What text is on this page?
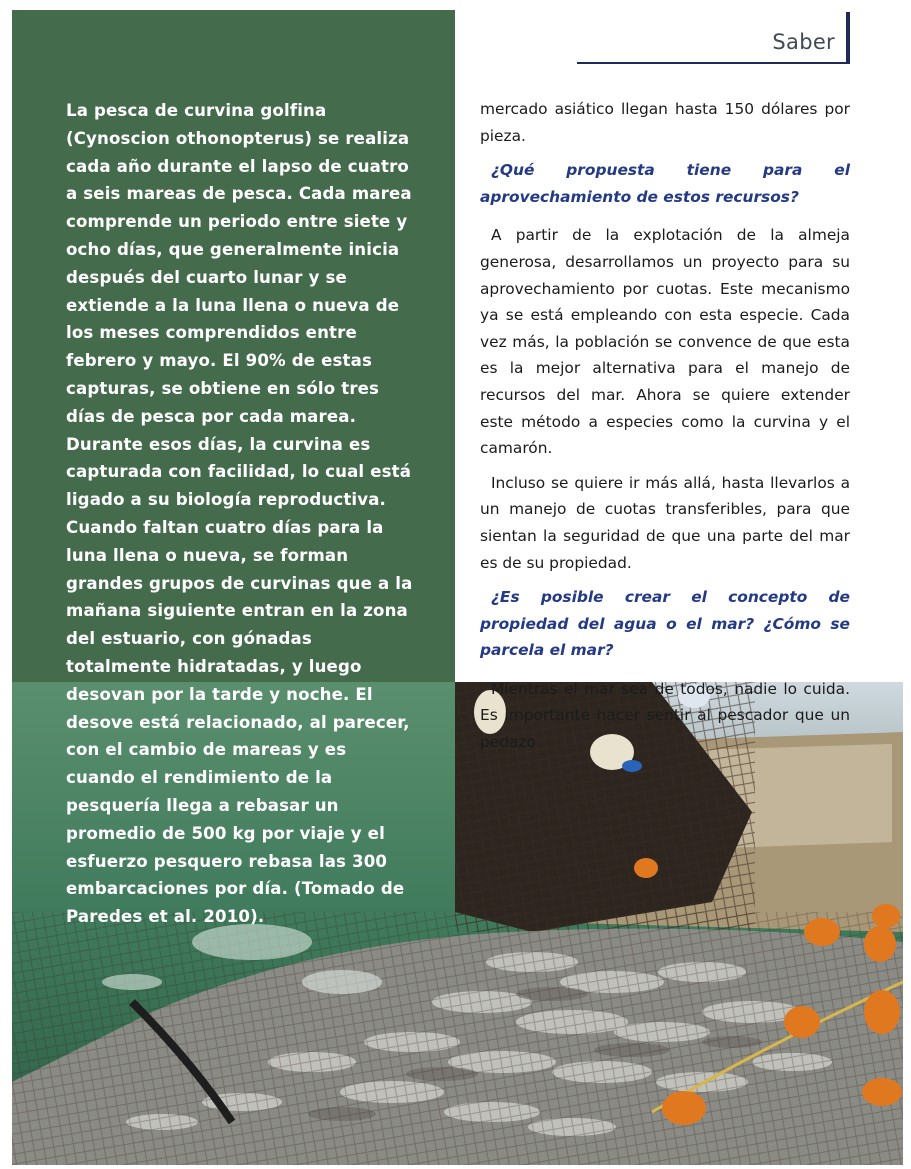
La pesca de curvina golfina (Cynoscion othonopterus) se realiza cada año durante el lapso de cuatro a seis mareas de pesca. Cada marea comprende un periodo entre siete y ocho días, que generalmente inicia después del cuarto lunar y se extiende a la luna llena o nueva de los meses comprendidos entre febrero y mayo. El 90% de estas capturas, se obtiene en sólo tres días de pesca por cada marea. Durante esos días, la curvina es capturada con facilidad, lo cual está ligado a su biología reproductiva. Cuando faltan cuatro días para la luna llena o nueva, se forman grandes grupos de curvinas que a la mañana siguiente entran en la zona del estuario, con gónadas totalmente hidratadas, y luego desovan por la tarde y noche. El desove está relacionado, al parecer, con el cambio de mareas y es cuando el rendimiento de la pesquería llega a rebasar un promedio de 500 kg por viaje y el esfuerzo pesquero rebasa las 300 embarcaciones por día. (Tomado de Paredes et al. 2010).
Saber

mercado asiático llegan hasta 150 dólares por pieza.

¿Qué propuesta tiene para el aprovechamiento de estos recursos?

A partir de la explotación de la almeja generosa, desarrollamos un proyecto para su aprovechamiento por cuotas. Este mecanismo ya se está empleando con esta especie. Cada vez más, la población se convence de que esta es la mejor alternativa para el manejo de recursos del mar. Ahora se quiere extender este método a especies como la curvina y el camarón.

Incluso se quiere ir más allá, hasta llevarlos a un manejo de cuotas transferibles, para que sientan la seguridad de que una parte del mar es de su propiedad.

¿Es posible crear el concepto de propiedad del agua o el mar? ¿Cómo se parcela el mar?

Mientras el mar sea de todos, nadie lo cuida. Es importante hacer sentir al pescador que un pedazo
